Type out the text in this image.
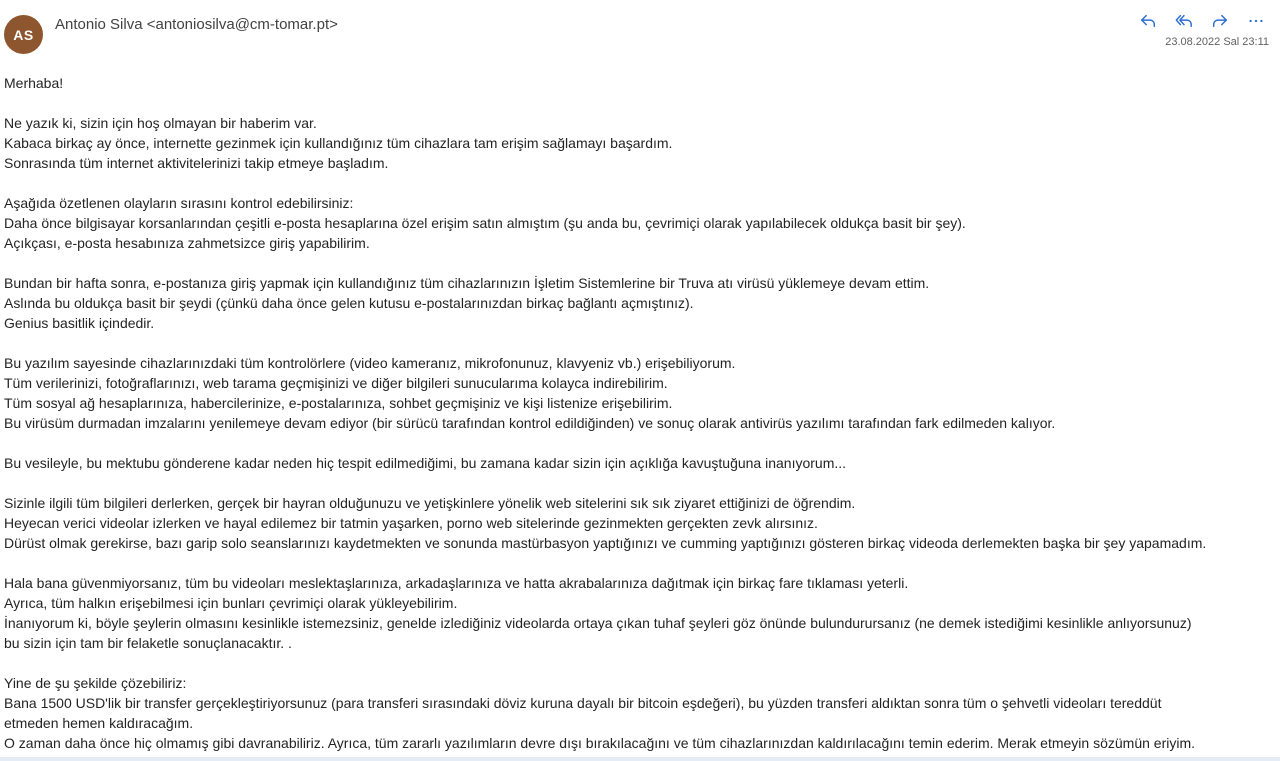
AS
Antonio Silva <antoniosilva@cm-tomar.pt>
23.08.2022 Sal 23:11
Merhaba!
Ne yazık ki, sizin için hoş olmayan bir haberim var.
Kabaca birkaç ay önce, internette gezinmek için kullandığınız tüm cihazlara tam erişim sağlamayı başardım.
Sonrasında tüm internet aktivitelerinizi takip etmeye başladım.
Aşağıda özetlenen olayların sırasını kontrol edebilirsiniz:
Daha önce bilgisayar korsanlarından çeşitli e-posta hesaplarına özel erişim satın almıştım (şu anda bu, çevrimiçi olarak yapılabilecek oldukça basit bir şey).
Açıkçası, e-posta hesabınıza zahmetsizce giriş yapabilirim.
Bundan bir hafta sonra, e-postanıza giriş yapmak için kullandığınız tüm cihazlarınızın İşletim Sistemlerine bir Truva atı virüsü yüklemeye devam ettim.
Aslında bu oldukça basit bir şeydi (çünkü daha önce gelen kutusu e-postalarınızdan birkaç bağlantı açmıştınız).
Genius basitlik içindedir.
Bu yazılım sayesinde cihazlarınızdaki tüm kontrolörlere (video kameranız, mikrofonunuz, klavyeniz vb.) erişebiliyorum.
Tüm verilerinizi, fotoğraflarınızı, web tarama geçmişinizi ve diğer bilgileri sunucularıma kolayca indirebilirim.
Tüm sosyal ağ hesaplarınıza, habercilerinize, e-postalarınıza, sohbet geçmişiniz ve kişi listenize erişebilirim.
Bu virüsüm durmadan imzalarını yenilemeye devam ediyor (bir sürücü tarafından kontrol edildiğinden) ve sonuç olarak antivirüs yazılımı tarafından fark edilmeden kalıyor.
Bu vesileyle, bu mektubu gönderene kadar neden hiç tespit edilmediğimi, bu zamana kadar sizin için açıklığa kavuştuğuna inanıyorum...
Sizinle ilgili tüm bilgileri derlerken, gerçek bir hayran olduğunuzu ve yetişkinlere yönelik web sitelerini sık sık ziyaret ettiğinizi de öğrendim.
Heyecan verici videolar izlerken ve hayal edilemez bir tatmin yaşarken, porno web sitelerinde gezinmekten gerçekten zevk alırsınız.
Dürüst olmak gerekirse, bazı garip solo seanslarınızı kaydetmekten ve sonunda mastürbasyon yaptığınızı ve cumming yaptığınızı gösteren birkaç videoda derlemekten başka bir şey yapamadım.
Hala bana güvenmiyorsanız, tüm bu videoları meslektaşlarınıza, arkadaşlarınıza ve hatta akrabalarınıza dağıtmak için birkaç fare tıklaması yeterli.
Ayrıca, tüm halkın erişebilmesi için bunları çevrimiçi olarak yükleyebilirim.
İnanıyorum ki, böyle şeylerin olmasını kesinlikle istemezsiniz, genelde izlediğiniz videolarda ortaya çıkan tuhaf şeyleri göz önünde bulundurursanız (ne demek istediğimi kesinlikle anlıyorsunuz)
bu sizin için tam bir felaketle sonuçlanacaktır. .
Yine de şu şekilde çözebiliriz:
Bana 1500 USD'lik bir transfer gerçekleştiriyorsunuz (para transferi sırasındaki döviz kuruna dayalı bir bitcoin eşdeğeri), bu yüzden transferi aldıktan sonra tüm o şehvetli videoları tereddüt
etmeden hemen kaldıracağım.
O zaman daha önce hiç olmamış gibi davranabiliriz. Ayrıca, tüm zararlı yazılımların devre dışı bırakılacağını ve tüm cihazlarınızdan kaldırılacağını temin ederim. Merak etmeyin sözümün eriyim.
